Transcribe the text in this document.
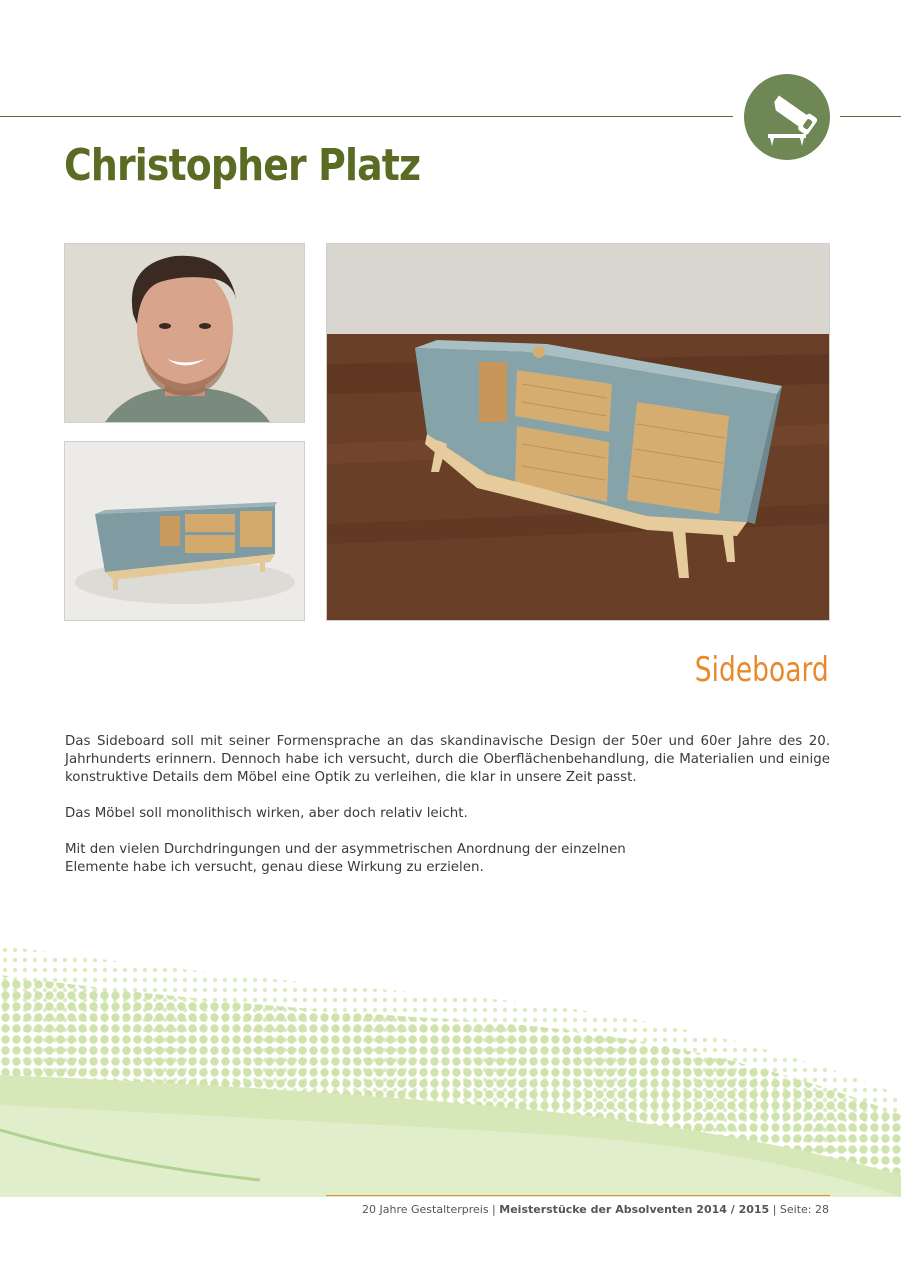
Christopher Platz
Sideboard

Das Sideboard soll mit seiner Formensprache an das skandinavische Design der 50er und 60er Jahre des 20. Jahrhunderts erinnern. Dennoch habe ich versucht, durch die Oberflächenbehandlung, die Materialien und einige konstruktive Details dem Möbel eine Optik zu verleihen, die klar in unsere Zeit passt.

Das Möbel soll monolithisch wirken, aber doch relativ leicht.

Mit den vielen Durchdringungen und der asymmetrischen Anordnung der einzelnen

Elemente habe ich versucht, genau diese Wirkung zu erzielen.

20 Jahre Gestalterpreis | Meisterstücke der Absolventen 2014 / 2015 | Seite: 28
